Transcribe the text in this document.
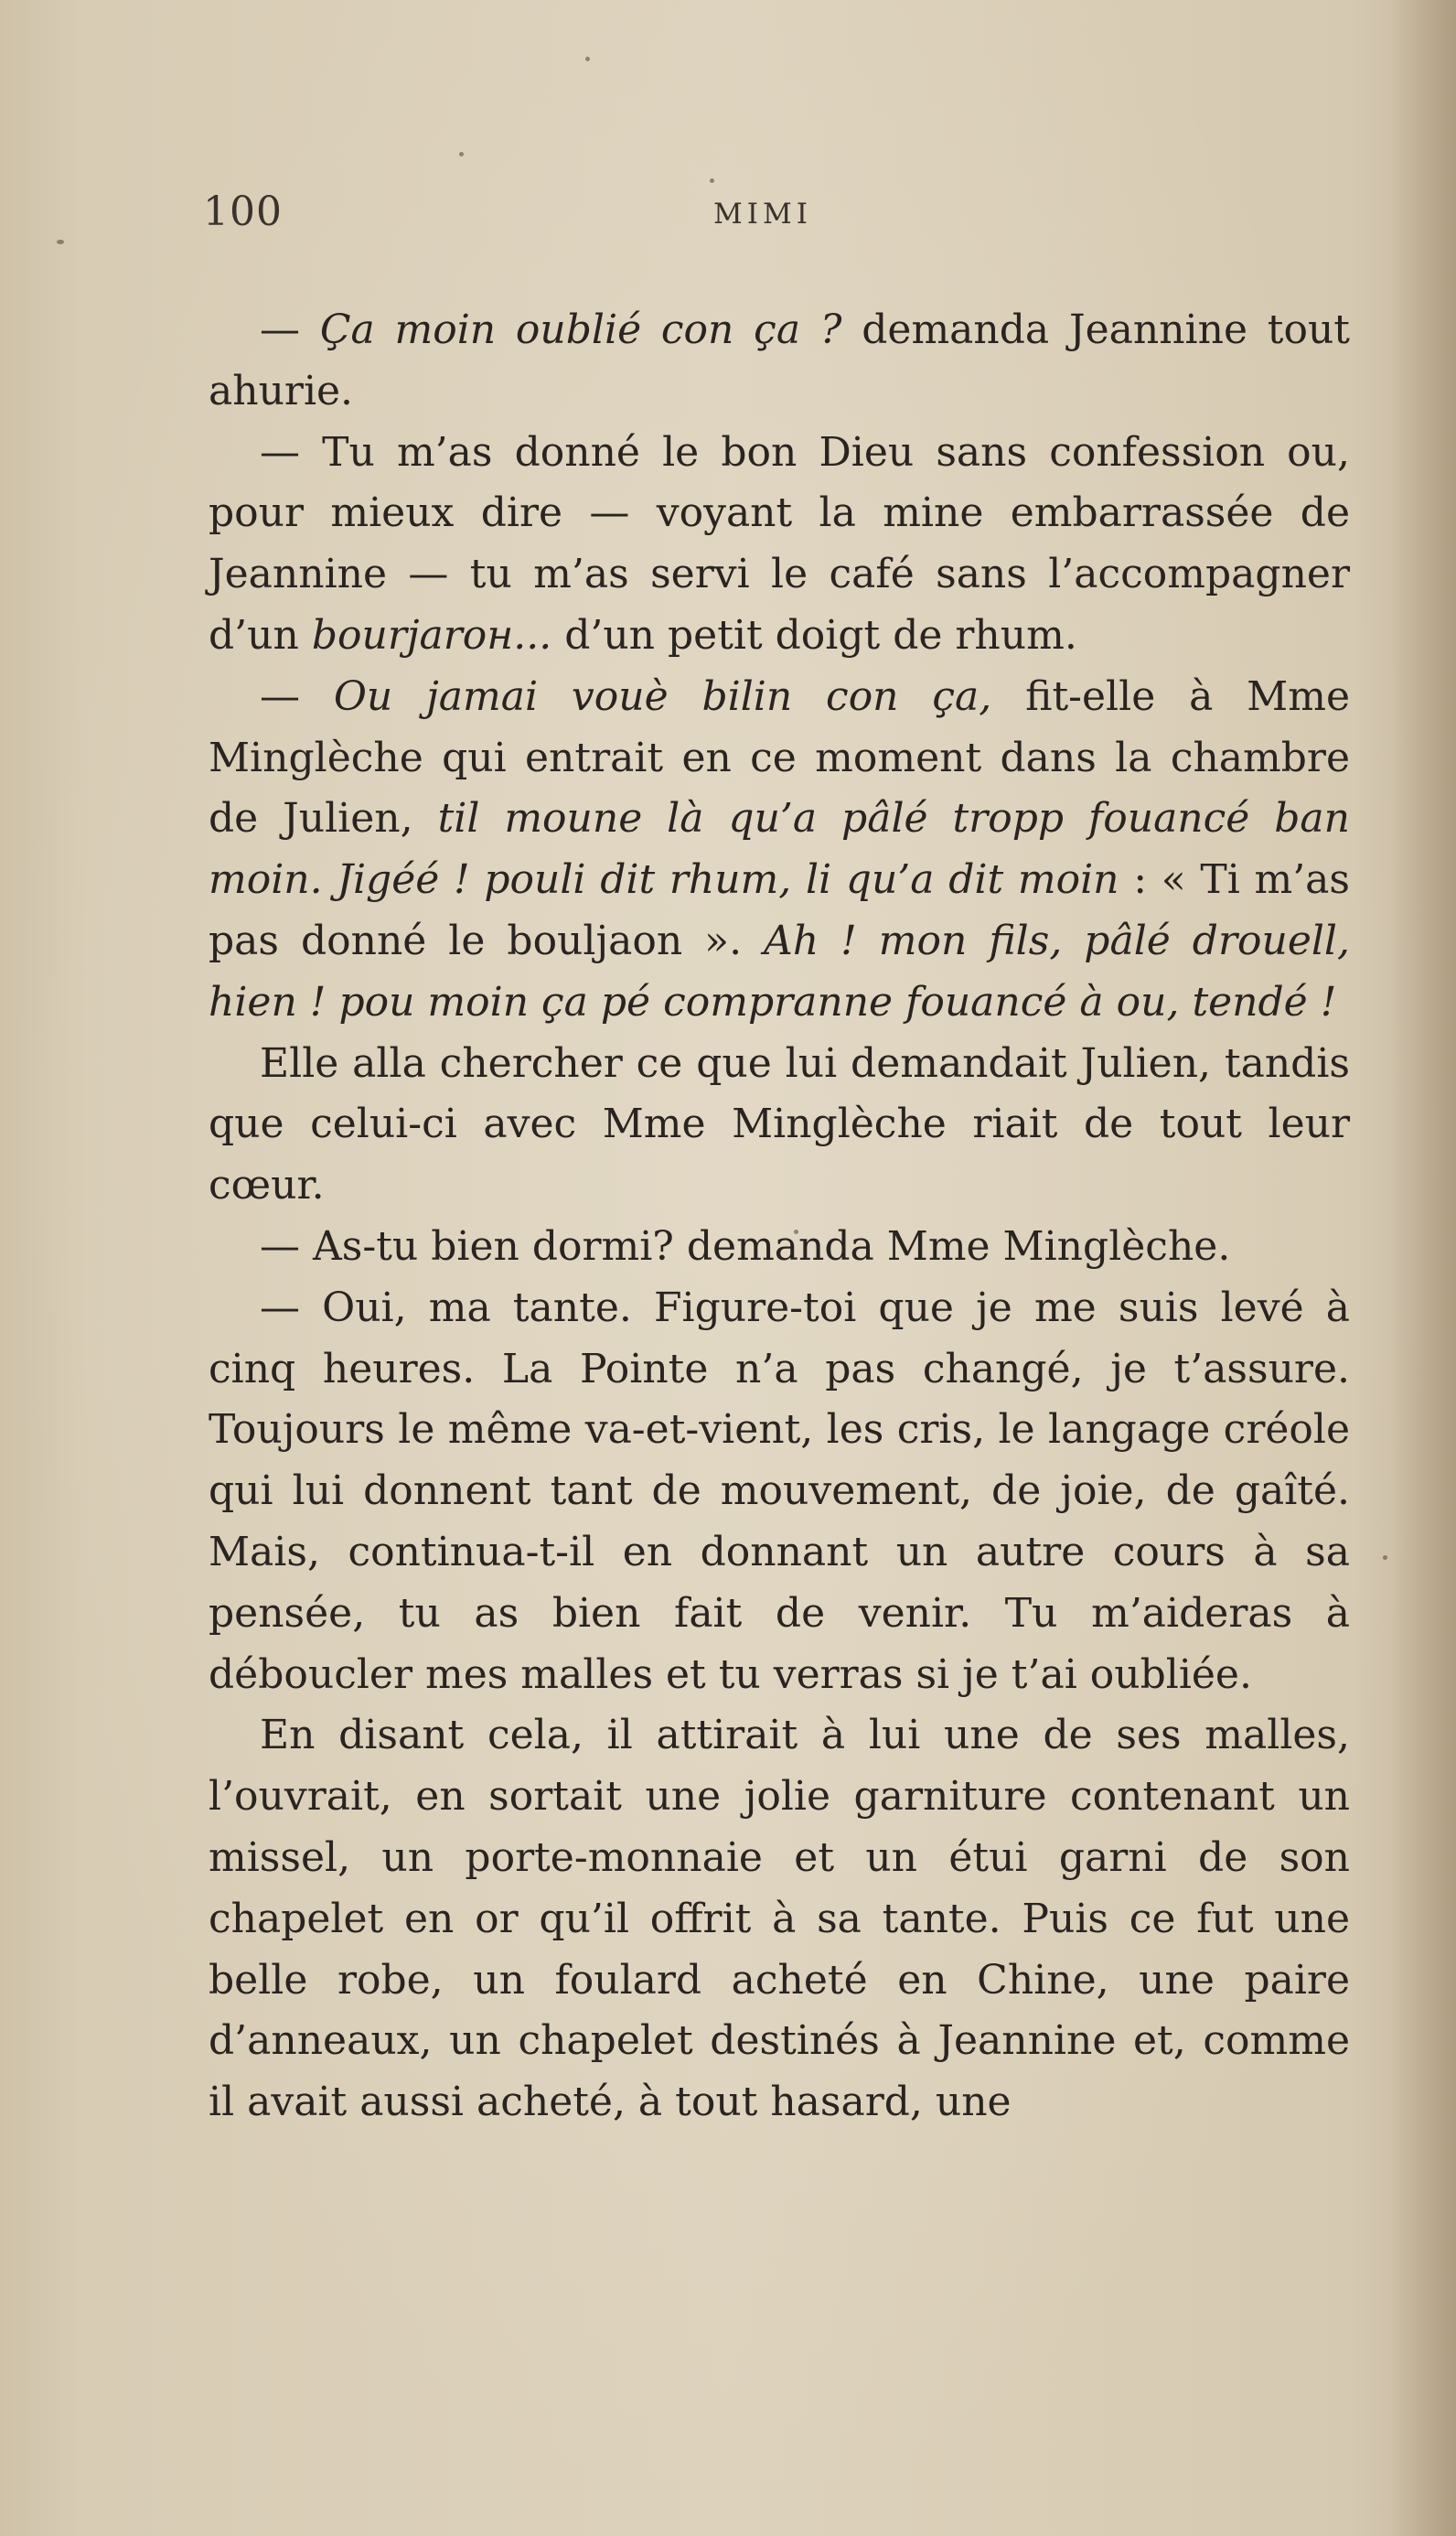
100	MIMI

— Ça moin oublié con ça ? demanda Jeannine tout ahurie.

— Tu m’as donné le bon Dieu sans confession ou, pour mieux dire — voyant la mine embarrassée de Jeannine — tu m’as servi le café sans l’accompagner d’un bourjarон... d’un petit doigt de rhum.

— Ou jamai vouè bilin con ça, fit-elle à Mme Minglèche qui entrait en ce moment dans la chambre de Julien, til moune là qu’a pâlé tropp fouancé ban moin. Jigéé ! pouli dit rhum, li qu’a dit moin : « Ti m’as pas donné le bouljaon ». Ah ! mon fils, pâlé drouell, hien ! pou moin ça pé compranne fouancé à ou, tendé !

Elle alla chercher ce que lui demandait Julien, tandis que celui-ci avec Mme Minglèche riait de tout leur cœur.

— As-tu bien dormi? demanda Mme Minglèche.

— Oui, ma tante. Figure-toi que je me suis levé à cinq heures. La Pointe n’a pas changé, je t’assure. Toujours le même va-et-vient, les cris, le langage créole qui lui donnent tant de mouvement, de joie, de gaîté. Mais, continua-t-il en donnant un autre cours à sa pensée, tu as bien fait de venir. Tu m’aideras à déboucler mes malles et tu verras si je t’ai oubliée.

En disant cela, il attirait à lui une de ses malles, l’ouvrait, en sortait une jolie garniture contenant un missel, un porte-monnaie et un étui garni de son chapelet en or qu’il offrit à sa tante. Puis ce fut une belle robe, un foulard acheté en Chine, une paire d’anneaux, un chapelet destinés à Jeannine et, comme il avait aussi acheté, à tout hasard, une
